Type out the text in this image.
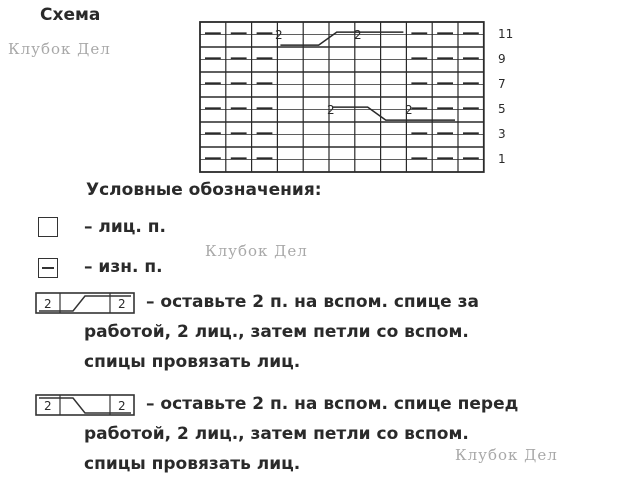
Схема
Клубок Дел
Клубок Дел
Клубок Дел
11
9
7
5
3
1
2	2
2	2
Условные обозначения:
– лиц. п.
– изн. п.
2	2 – оставьте 2 п. на вспом. спице за
работой, 2 лиц., затем петли со вспом.
спицы провязать лиц.
2	2 – оставьте 2 п. на вспом. спице перед
работой, 2 лиц., затем петли со вспом.
спицы провязать лиц.
